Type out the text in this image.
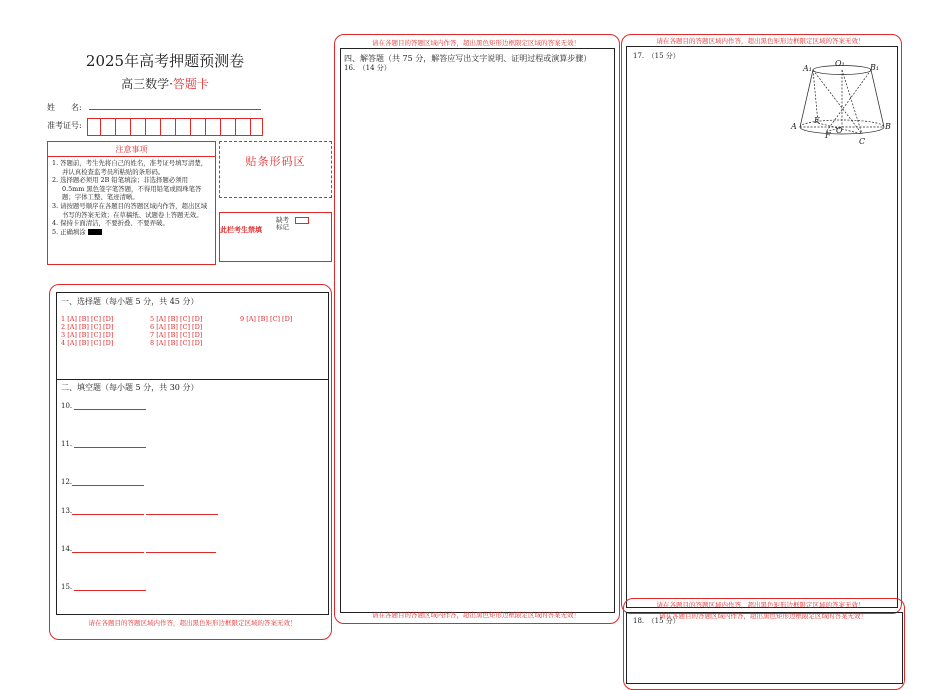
2025年高考押题预测卷
高三数学·答题卡
姓　　名:
准考证号:
注意事项
1. 答题前，考生先将自己的姓名，准考证号填写清楚，并认真检查监考员所粘贴的条形码。
2. 选择题必须用 2B 铅笔填涂；非选择题必须用 0.5mm 黑色签字笔答题，不得用铅笔或圆珠笔答题；字体工整、笔迹清晰。
3. 请按题号顺序在各题目的答题区域内作答，超出区域书写的答案无效；在草稿纸、试题卷上答题无效。
4. 保持卡面清洁，不要折叠、不要弄破。
5. 正确填涂
贴条形码区
此栏考生禁填
缺考标记
一、选择题（每小题 5 分，共 45 分）
1 [A] [B] [C] [D]
2 [A] [B] [C] [D]
3 [A] [B] [C] [D]
4 [A] [B] [C] [D]
5 [A] [B] [C] [D]
6 [A] [B] [C] [D]
7 [A] [B] [C] [D]
8 [A] [B] [C] [D]
9 [A] [B] [C] [D]
二、填空题（每小题 5 分，共 30 分）
10.
11.
12.
13.
14.
15.
请在各题目的答题区域内作答，超出黑色矩形边框限定区域的答案无效！
请在各题目的答题区域内作答，超出黑色矩形边框限定区域的答案无效！
四、解答题（共 75 分，解答应写出文字说明、证明过程或演算步骤）
16.　（14 分）
请在各题目的答题区域内作答，超出黑色矩形边框限定区域的答案无效！
请在各题目的答题区域内作答，超出黑色矩形边框限定区域的答案无效！
17.　（15 分）
A₁
O₁	B₁
A
E
O
F
C
B
请在各题目的答题区域内作答，超出黑色矩形边框限定区域的答案无效！
请在各题目的答题区域内作答，超出黑色矩形边框限定区域的答案无效！
18.　（15 分）
